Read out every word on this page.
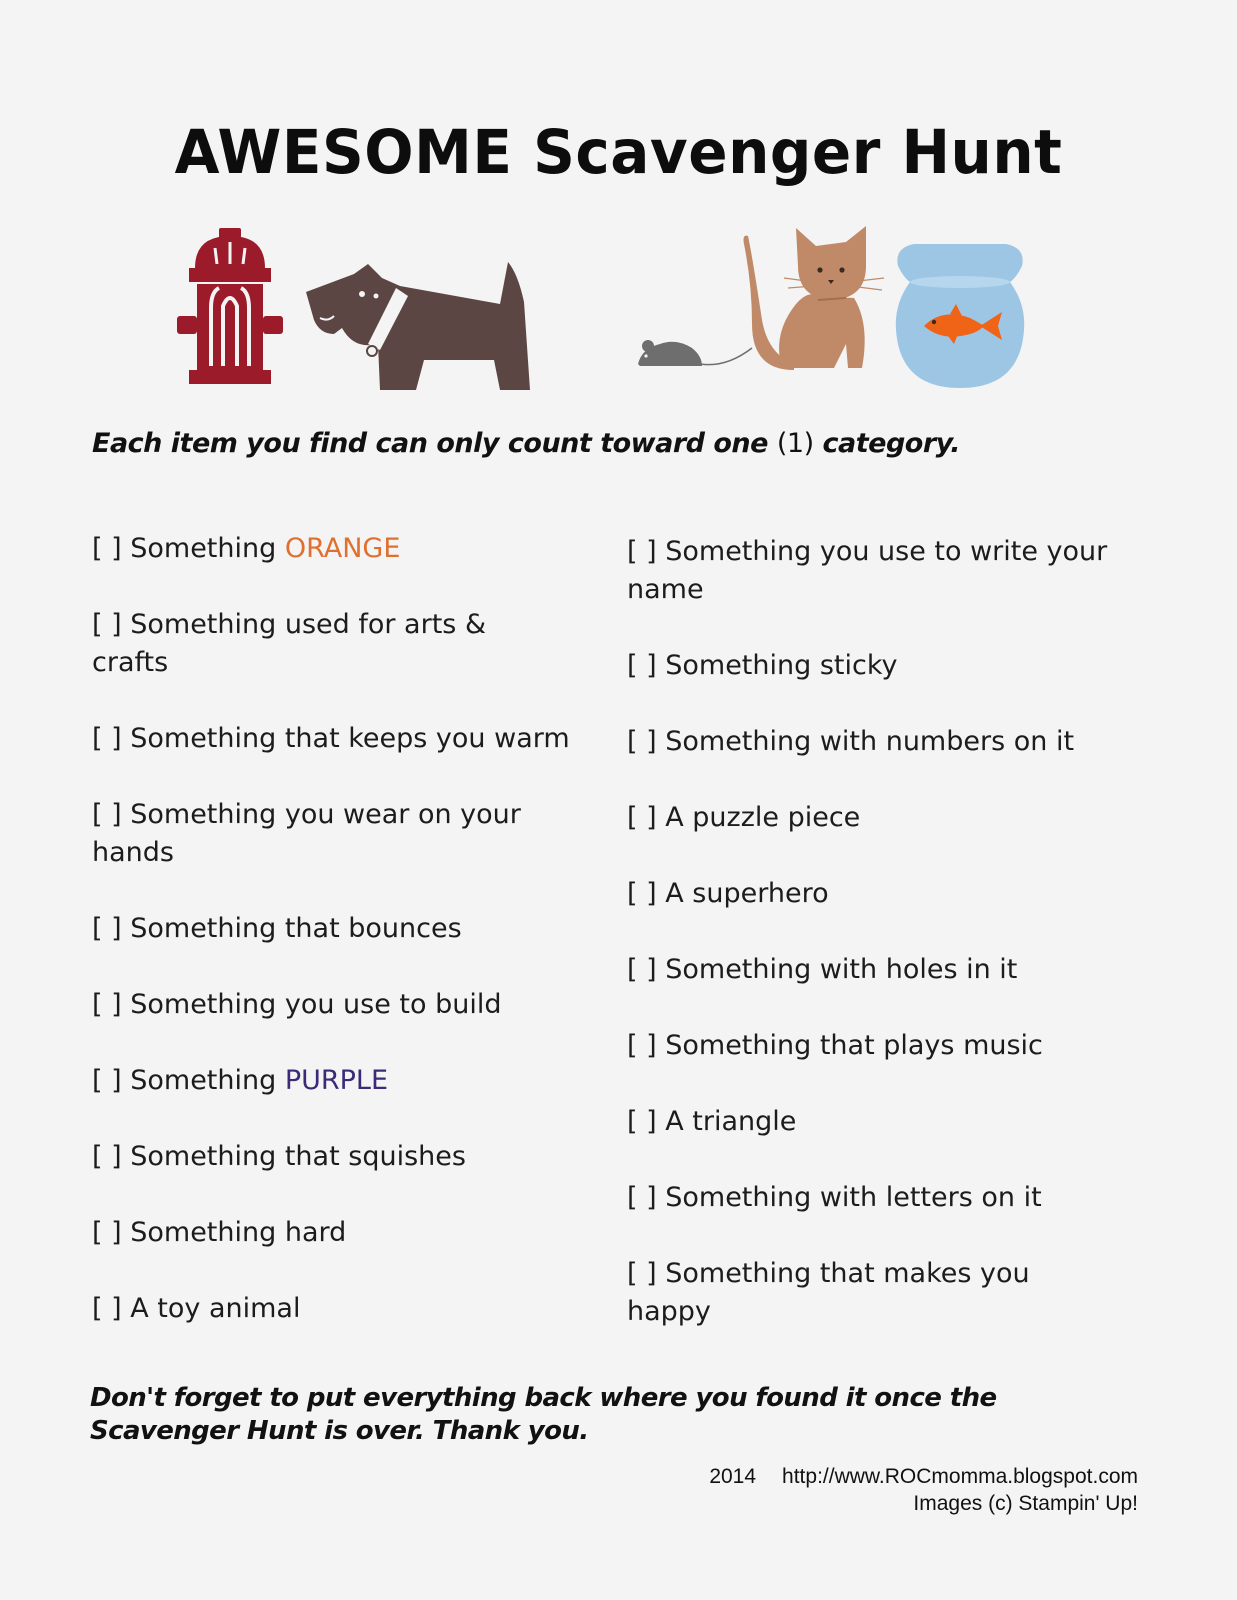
AWESOME Scavenger Hunt
Each item you find can only count toward one (1) category.
[ ] Something ORANGE
[ ] Something used for arts & crafts
[ ] Something that keeps you warm
[ ] Something you wear on your hands
[ ] Something that bounces
[ ] Something you use to build
[ ] Something PURPLE
[ ] Something that squishes
[ ] Something hard
[ ] A toy animal
[ ] Something you use to write your name
[ ] Something sticky
[ ] Something with numbers on it
[ ] A puzzle piece
[ ] A superhero
[ ] Something with holes in it
[ ] Something that plays music
[ ] A triangle
[ ] Something with letters on it
[ ] Something that makes you happy
Don't forget to put everything back where you found it once the Scavenger Hunt is over. Thank you.
2014 http://www.ROCmomma.blogspot.com
Images (c) Stampin' Up!
